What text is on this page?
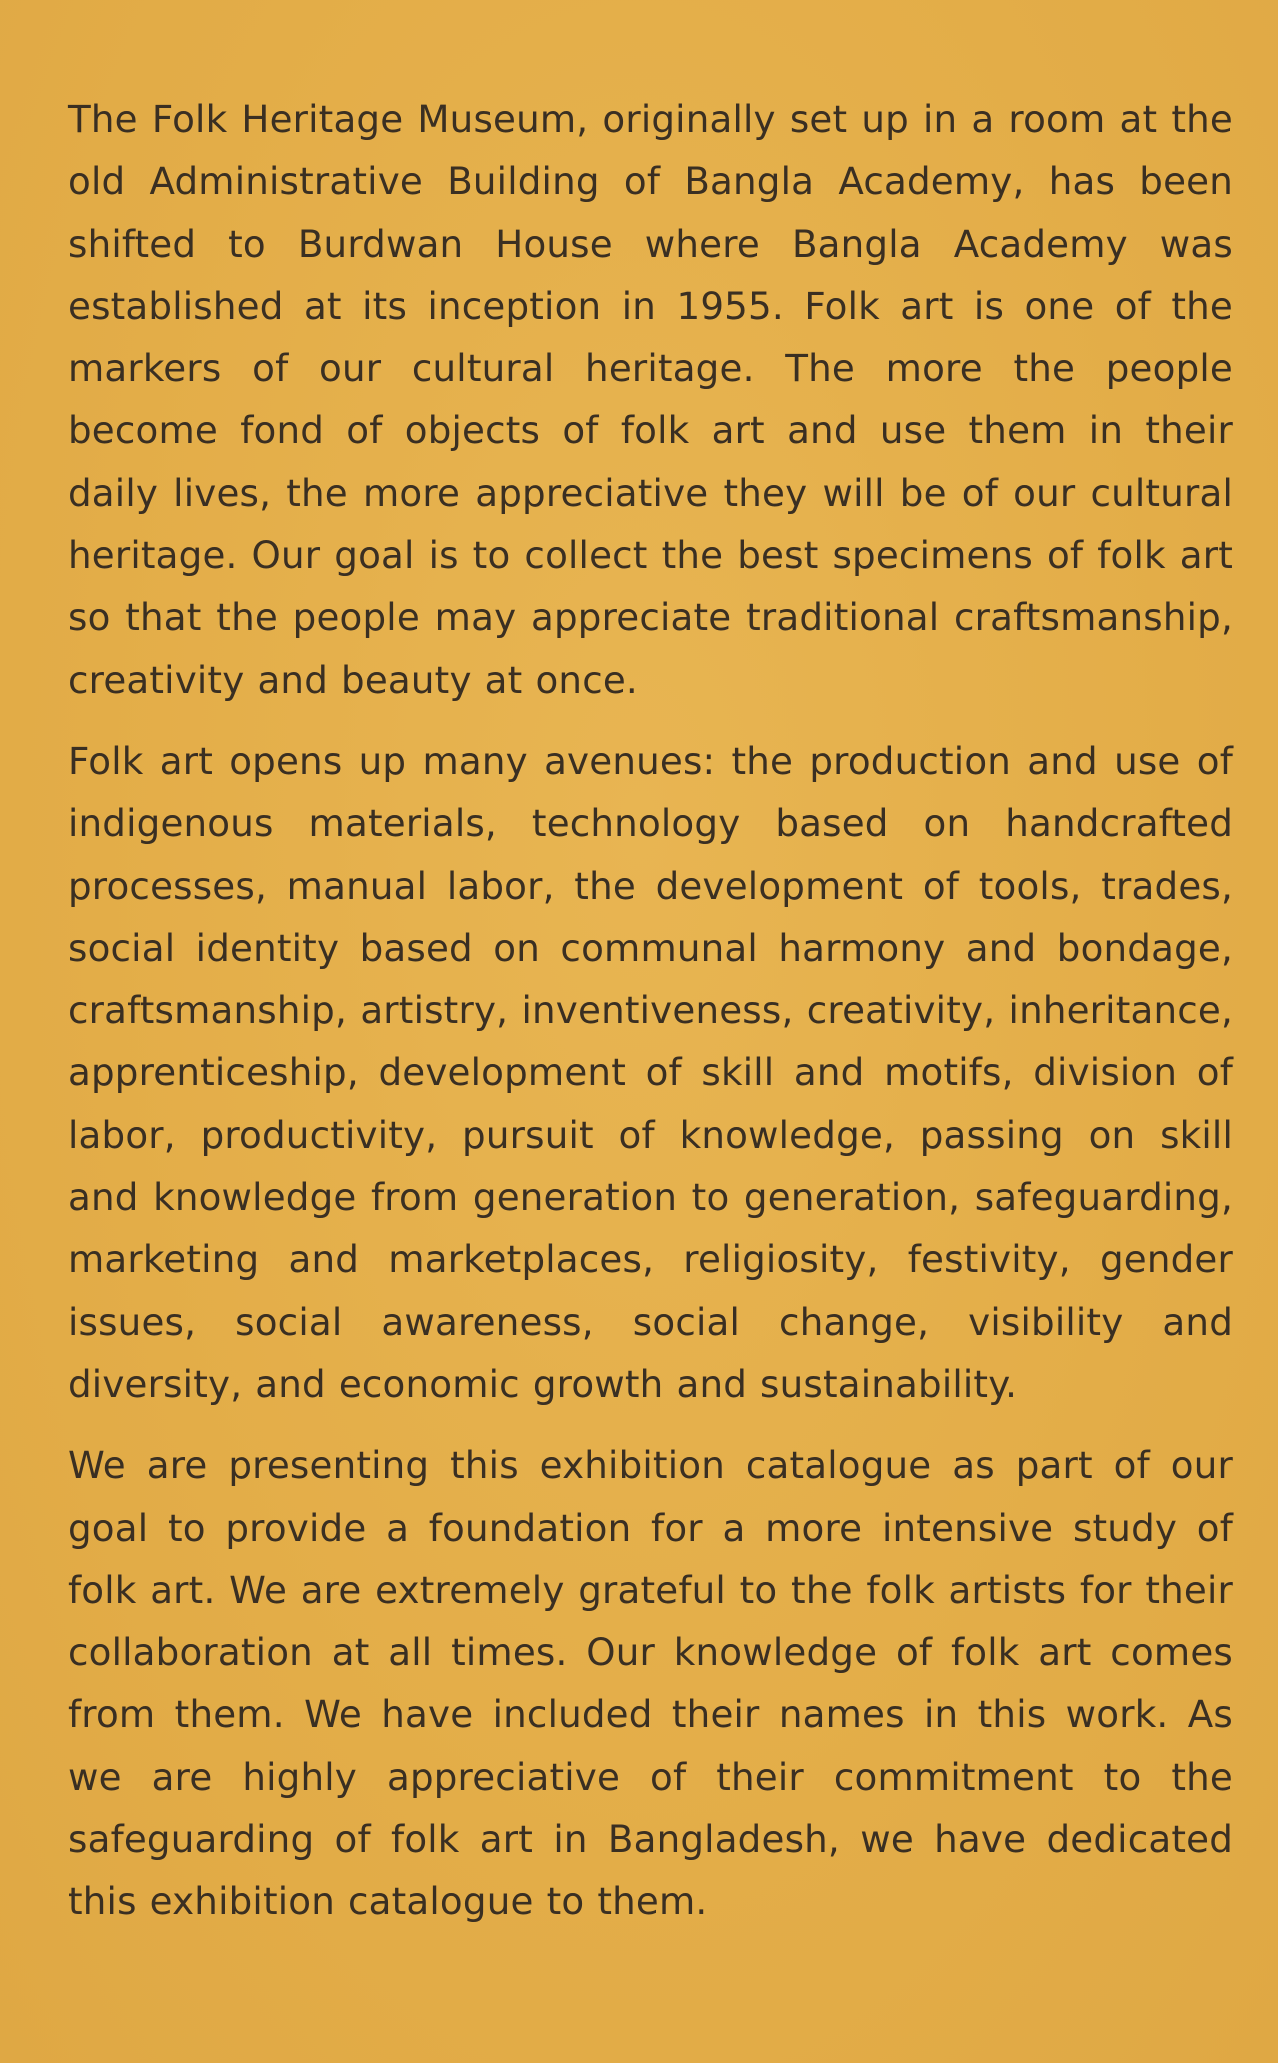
The Folk Heritage Museum, originally set up in a room at the old Administrative Building of Bangla Academy, has been shifted to Burdwan House where Bangla Academy was established at its inception in 1955. Folk art is one of the markers of our cultural heritage. The more the people become fond of objects of folk art and use them in their daily lives, the more appreciative they will be of our cultural heritage. Our goal is to collect the best specimens of folk art so that the people may appreciate traditional craftsmanship, creativity and beauty at once.

Folk art opens up many avenues: the production and use of indigenous materials, technology based on handcrafted processes, manual labor, the development of tools, trades, social identity based on communal harmony and bondage, craftsmanship, artistry, inventiveness, creativity, inheritance, apprenticeship, development of skill and motifs, division of labor, productivity, pursuit of knowledge, passing on skill and knowledge from generation to generation, safeguarding, marketing and marketplaces, religiosity, festivity, gender issues, social awareness, social change, visibility and diversity, and economic growth and sustainability.

We are presenting this exhibition catalogue as part of our goal to provide a foundation for a more intensive study of folk art. We are extremely grateful to the folk artists for their collaboration at all times. Our knowledge of folk art comes from them. We have included their names in this work. As we are highly appreciative of their commitment to the safeguarding of folk art in Bangladesh, we have dedicated this exhibition catalogue to them.
